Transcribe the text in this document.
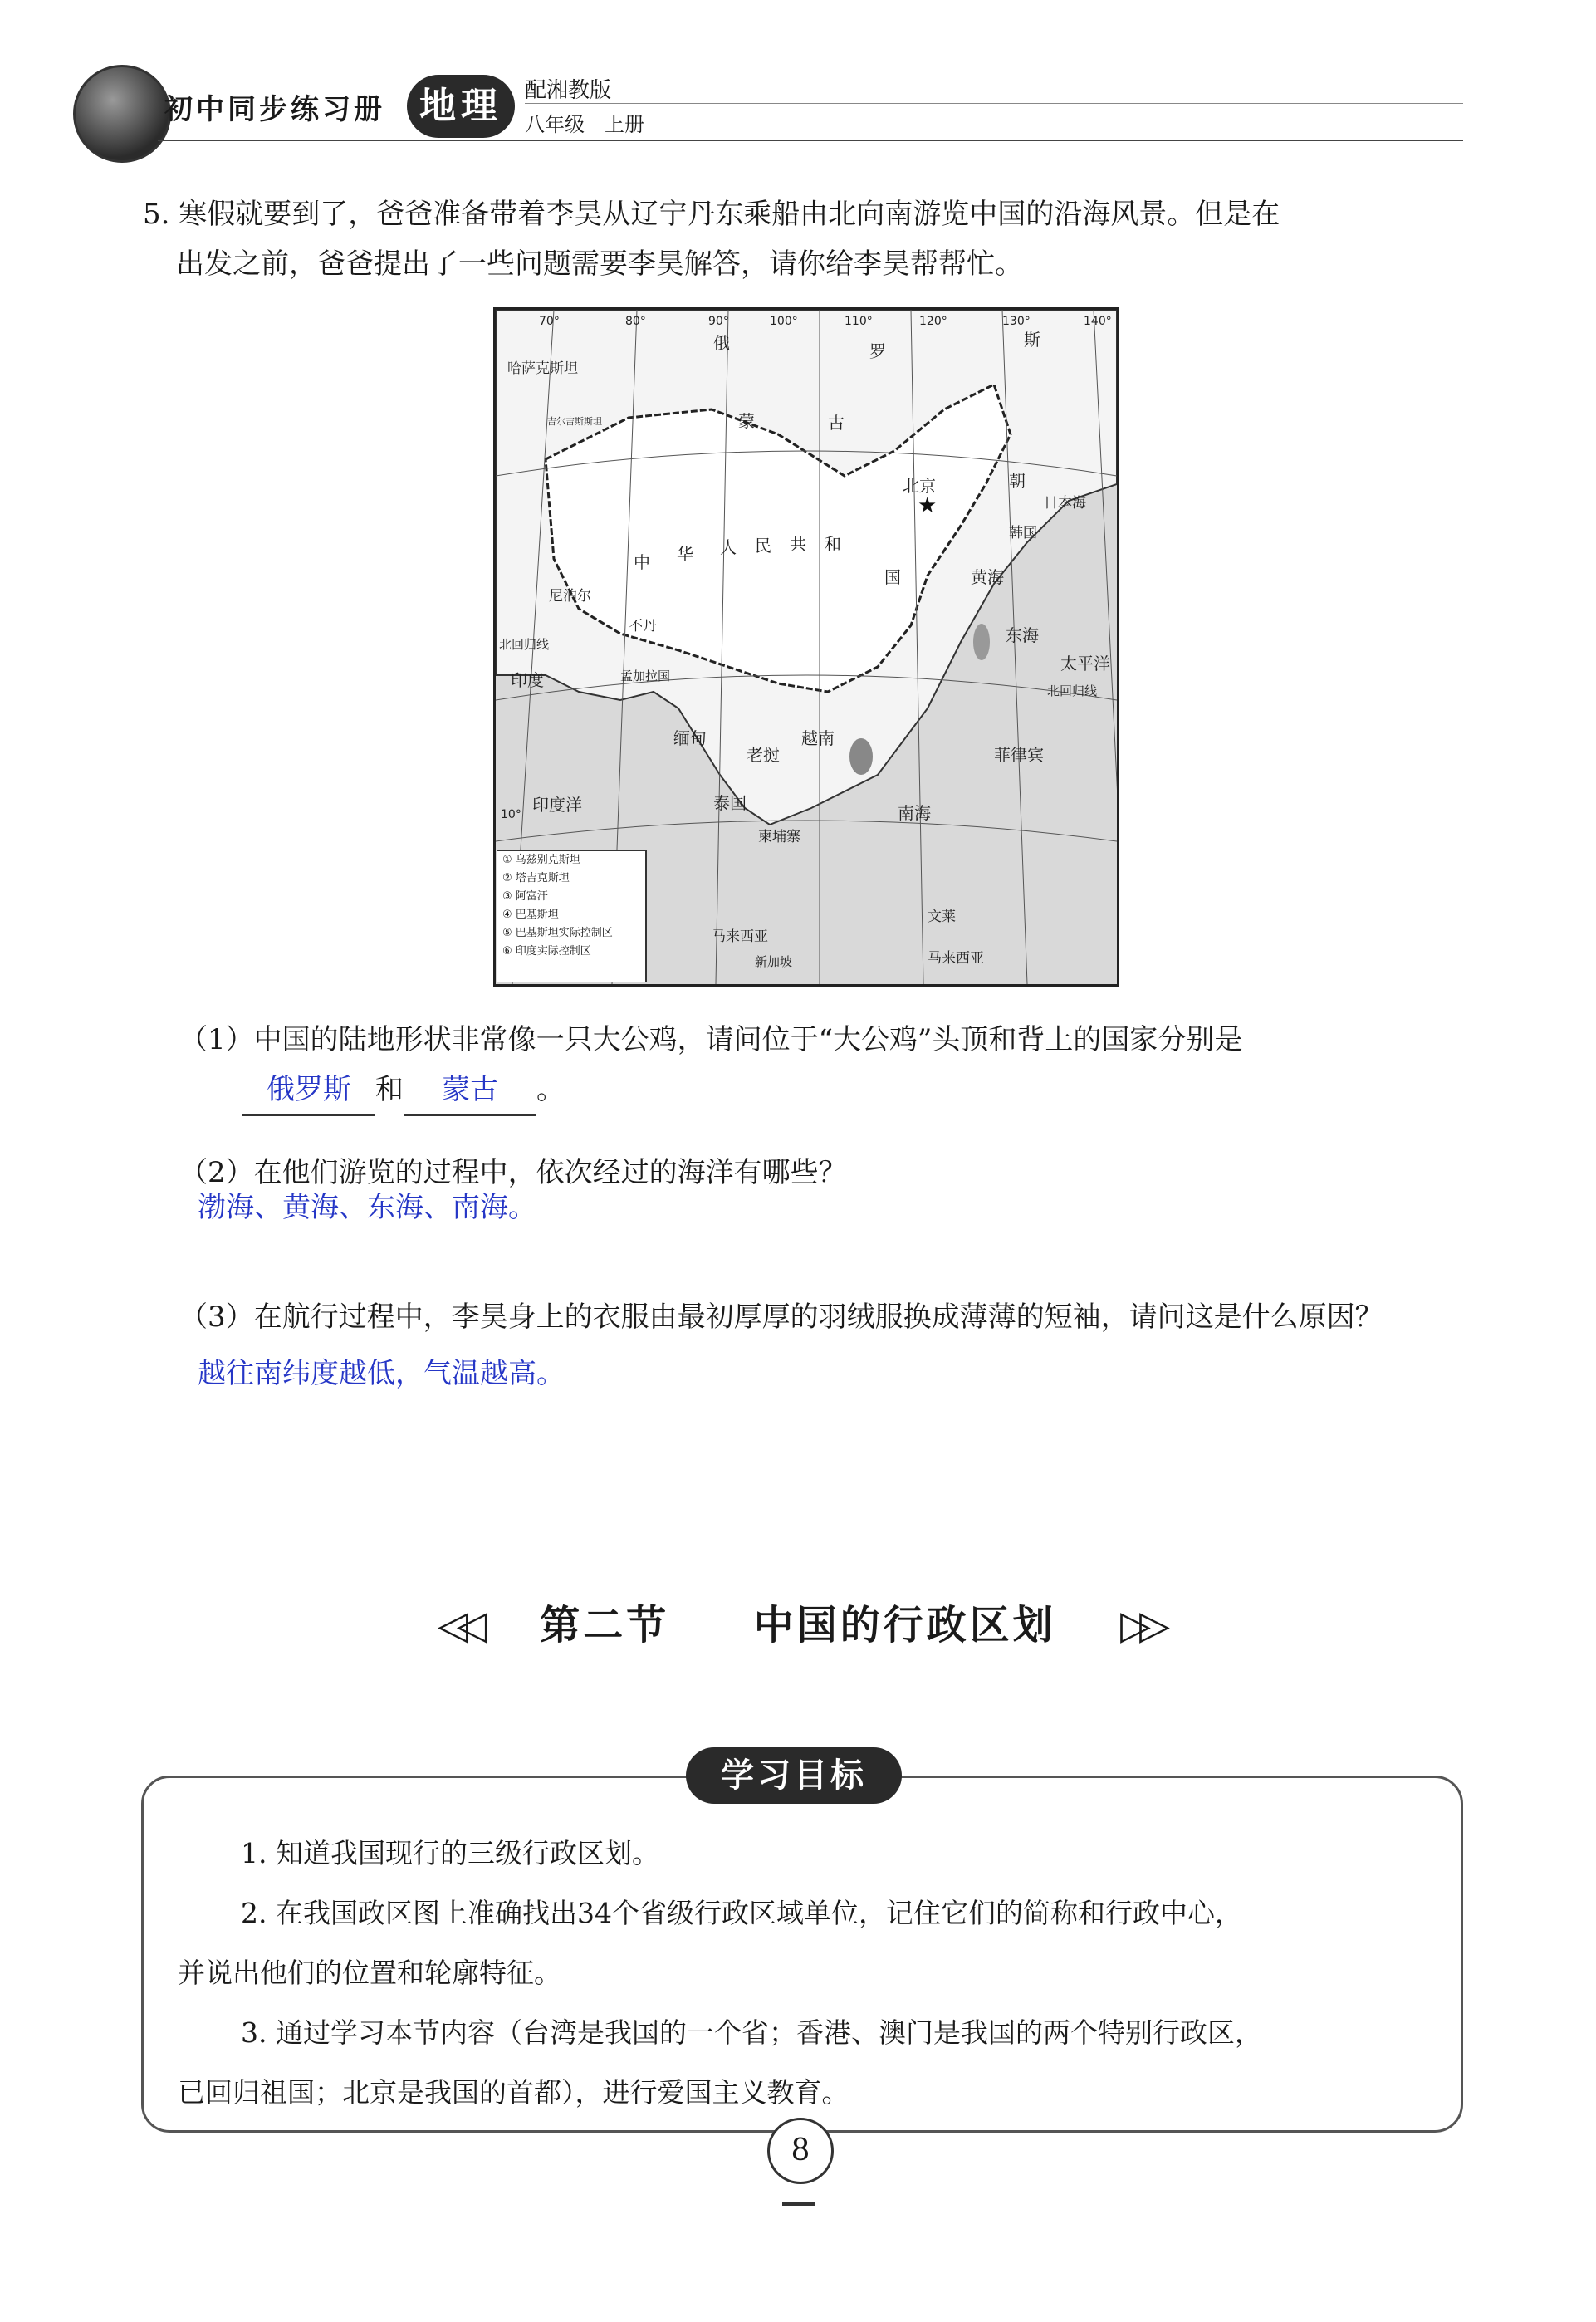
初中同步练习册 地理	配湘教版
八年级　上册
5. 寒假就要到了，爸爸准备带着李昊从辽宁丹东乘船由北向南游览中国的沿海风景。但是在
出发之前，爸爸提出了一些问题需要李昊解答，请你给李昊帮帮忙。
★
70°	80°	90°	100°	110°	120°	130°	140°
10°
俄	罗
斯
哈萨克斯坦
吉尔吉斯斯坦	蒙	古
北京
中 华 人 民 共 和
国
朝
韩国
日本海
黄海
东海
尼泊尔
不丹
印度	孟加拉国
缅甸
老挝
越南
泰国
柬埔寨
南海
菲律宾
太平洋
印度洋
文莱
马来西亚
马来西亚
新加坡
北回归线
北回归线
① 乌兹别克斯坦
② 塔吉克斯坦
③ 阿富汗
④ 巴基斯坦
⑤ 巴基斯坦实际控制区
⑥ 印度实际控制区
（1）中国的陆地形状非常像一只大公鸡，请问位于“大公鸡”头顶和背上的国家分别是
俄罗斯 和 蒙古 。
（2）在他们游览的过程中，依次经过的海洋有哪些？
渤海、黄海、东海、南海。
（3）在航行过程中，李昊身上的衣服由最初厚厚的羽绒服换成薄薄的短袖，请问这是什么原因？
越往南纬度越低，气温越高。
◁◁ 第二节 中国的行政区划 ▷▷
学习目标
1. 知道我国现行的三级行政区划。
2. 在我国政区图上准确找出34个省级行政区域单位，记住它们的简称和行政中心，
并说出他们的位置和轮廓特征。
3. 通过学习本节内容（台湾是我国的一个省；香港、澳门是我国的两个特别行政区，
已回归祖国；北京是我国的首都），进行爱国主义教育。
8
